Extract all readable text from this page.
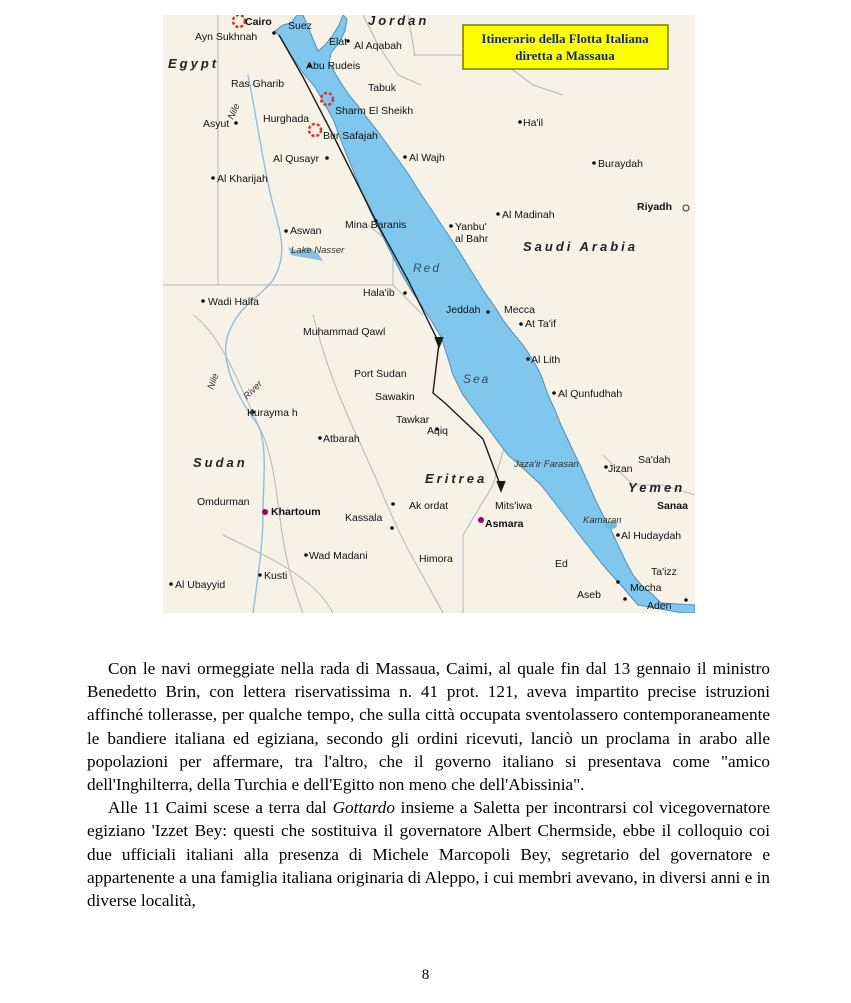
Itinerario della Flotta Italiana
diretta a Massaua
Egypt
Jordan
Saudi Arabia
Sudan
Eritrea
Yemen
Red
Sea
Nile
Nile River
Lake Nasser
Jaza'ir Farasan
Kamaran
Cairo Suez
Ayn Sukhnah	Elat Al Aqabah
Abu Rudeis
Ras Gharib	Tabuk
Sharm El Sheikh
Asyut	Hurghada
Bur Safajah
Ha'il
Al Qusayr	Al Wajh
Al Kharijah
Buraydah
Mina Baranis
Aswan
Al Madinah
Riyadh
Yanbu'
al Bahr
Wadi Halfa
Hala'ib
Jeddah Mecca
At Ta'if
Muhammad Qawl
Al Lith
Port Sudan
Sawakin	Al Qunfudhah
Kurayma h
Tawkar
Aqiq
Atbarah
Sa'dah
Jizan
Omdurman
Khartoum Kassala
Ak ordat	Mits'iwa
Asmara
Sanaa
Al Hudaydah
Wad Madani	Himora
Kusti
Ed
Ta'izz
Al Ubayyid	Mocha
Aseb
Aden

Con le navi ormeggiate nella rada di Massaua, Caimi, al quale fin dal 13 gennaio il ministro Benedetto Brin, con lettera riservatissima n. 41 prot. 121, aveva impartito precise istruzioni affinché tollerasse, per qualche tempo, che sulla città occupata sventolassero contemporaneamente le bandiere italiana ed egiziana, secondo gli ordini ricevuti, lanciò un proclama in arabo alle popolazioni per affermare, tra l'altro, che il governo italiano si presentava come "amico dell'Inghilterra, della Turchia e dell'Egitto non meno che dell'Abissinia".

Alle 11 Caimi scese a terra dal Gottardo insieme a Saletta per incontrarsi col vicegovernatore egiziano 'Izzet Bey: questi che sostituiva il governatore Albert Chermside, ebbe il colloquio coi due ufficiali italiani alla presenza di Michele Marcopoli Bey, segretario del governatore e appartenente a una famiglia italiana originaria di Aleppo, i cui membri avevano, in diversi anni e in diverse località,

8
